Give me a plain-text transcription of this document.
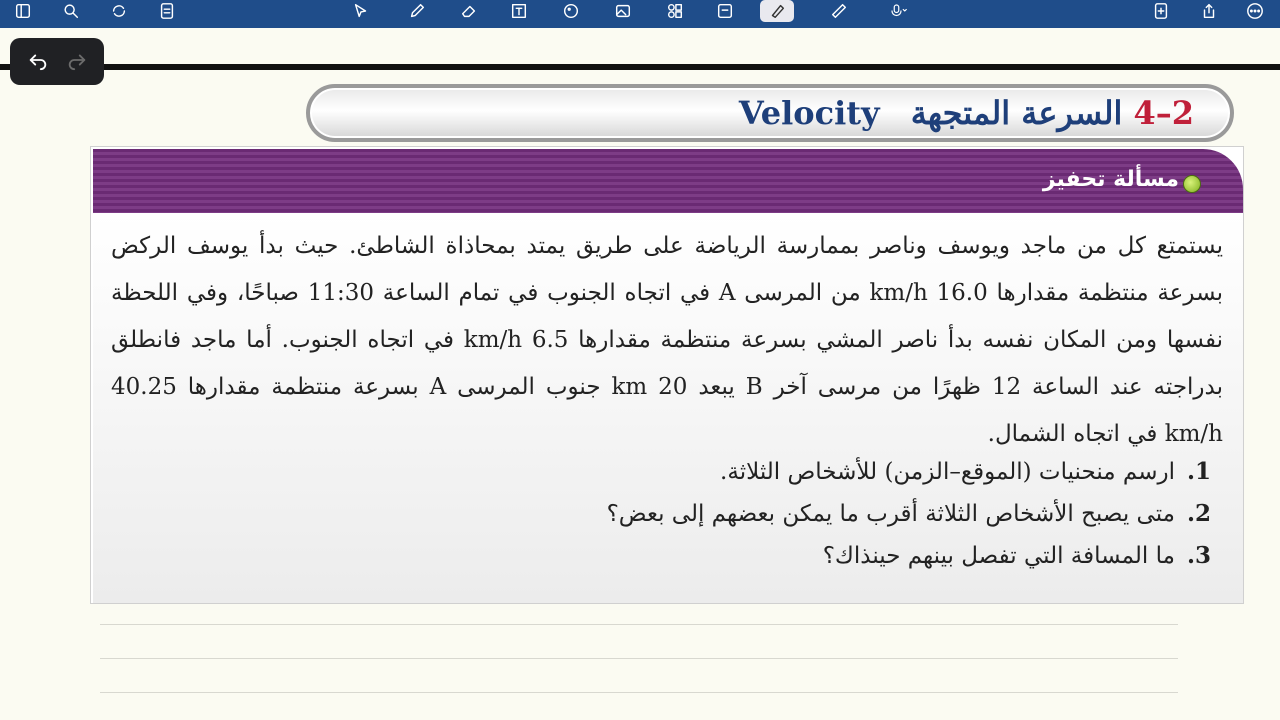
2–4 السرعة المتجهة Velocity
مسألة تحفيز
يستمتع كل من ماجد ويوسف وناصر بممارسة الرياضة على طريق يمتد بمحاذاة الشاطئ. حيث بدأ يوسف الركض بسرعة منتظمة مقدارها 16.0 km/h من المرسى A في اتجاه الجنوب في تمام الساعة 11:30 صباحًا، وفي اللحظة نفسها ومن المكان نفسه بدأ ناصر المشي بسرعة منتظمة مقدارها 6.5 km/h في اتجاه الجنوب. أما ماجد فانطلق بدراجته عند الساعة 12 ظهرًا من مرسى آخر B يبعد 20 km جنوب المرسى A بسرعة منتظمة مقدارها 40.25 km/h في اتجاه الشمال.
1.ارسم منحنيات (الموقع–الزمن) للأشخاص الثلاثة.
2.متى يصبح الأشخاص الثلاثة أقرب ما يمكن بعضهم إلى بعض؟
3.ما المسافة التي تفصل بينهم حينذاك؟
